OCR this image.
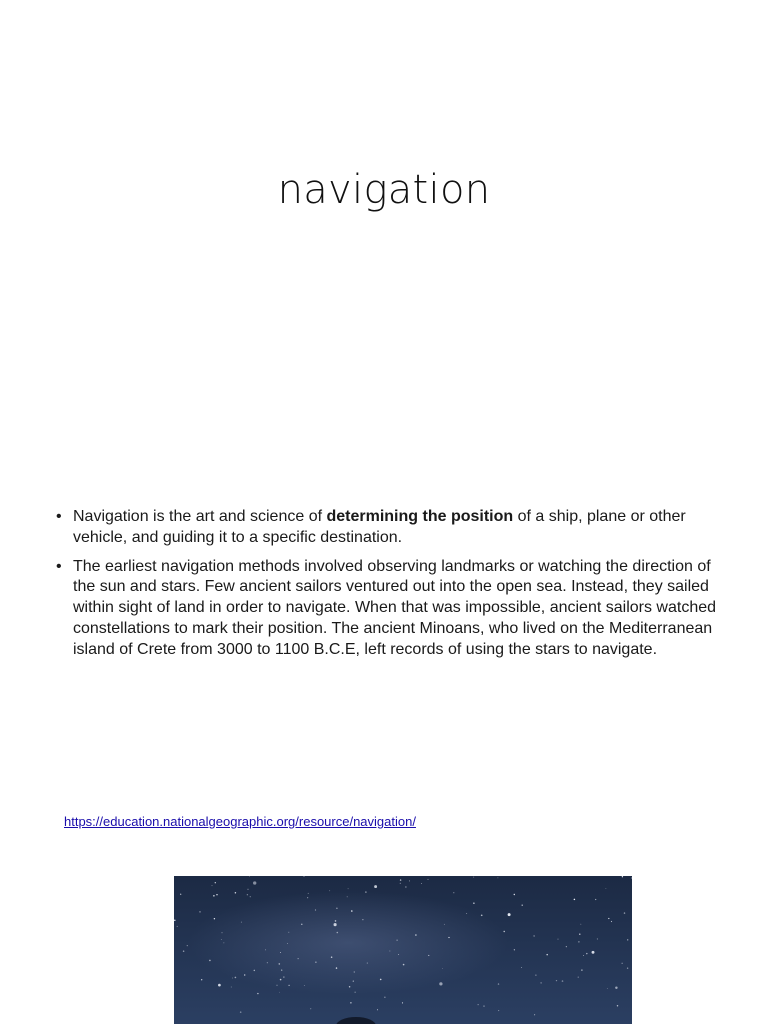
navigation
• Navigation is the art and science of determining the position of a ship, plane or other vehicle, and guiding it to a specific destination.
• The earliest navigation methods involved observing landmarks or watching the direction of the sun and stars. Few ancient sailors ventured out into the open sea. Instead, they sailed within sight of land in order to navigate. When that was impossible, ancient sailors watched constellations to mark their position. The ancient Minoans, who lived on the Mediterranean island of Crete from 3000 to 1100 B.C.E, left records of using the stars to navigate.
https://education.nationalgeographic.org/resource/navigation/
